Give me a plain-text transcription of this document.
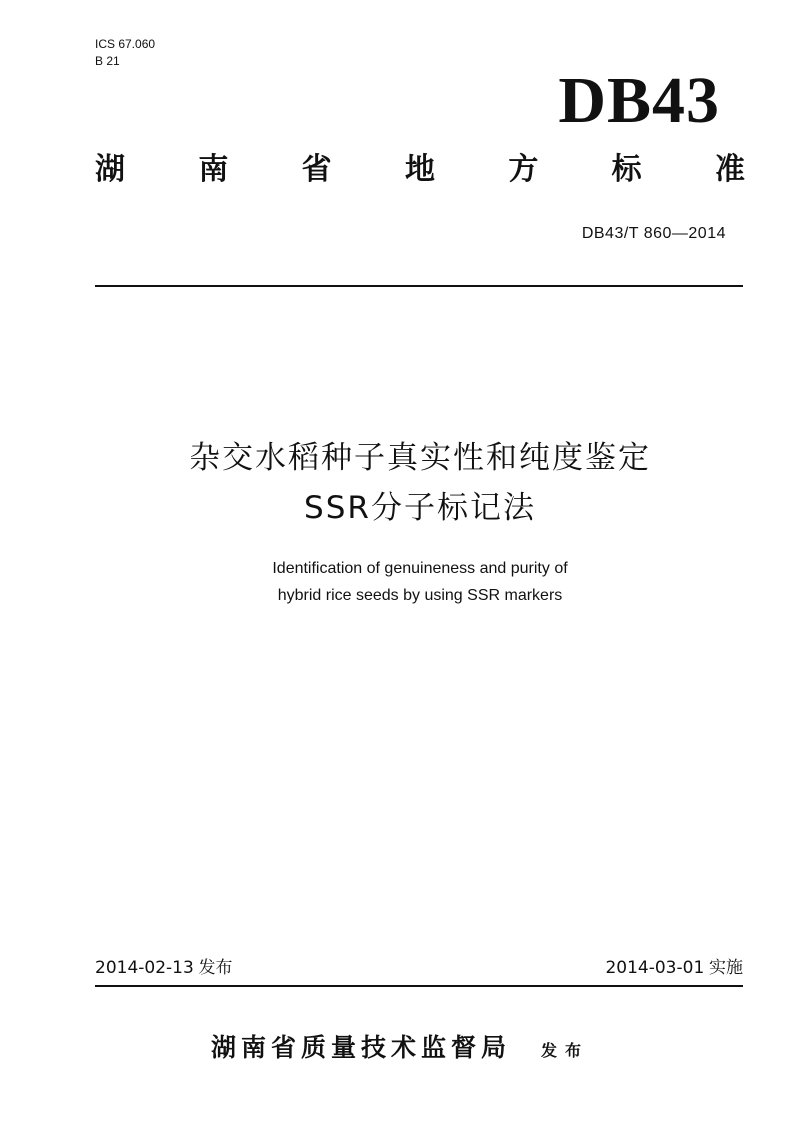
ICS 67.060
B 21
DB43
湖 南 省 地 方 标 准
DB43/T 860—2014
杂交水稻种子真实性和纯度鉴定
SSR分子标记法
Identification of genuineness and purity of
hybrid rice seeds by using SSR markers
2014-02-13 发布	2014-03-01 实施
湖南省质量技术监督局 发布
